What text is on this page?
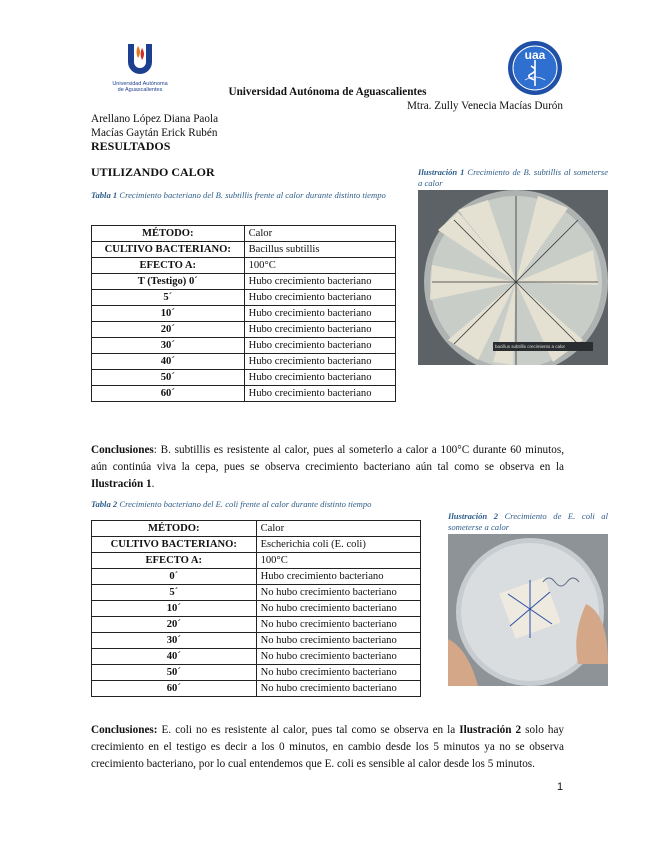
Universidad Autónoma
de Aguascalientes
uaa
Universidad Autónoma de Aguascalientes
Mtra. Zully Venecia Macías Durón
Arellano López Diana Paola
Macías Gaytán Erick Rubén
RESULTADOS
UTILIZANDO CALOR
Tabla 1 Crecimiento bacteriano del B. subtillis frente al calor durante distinto tiempo
MÉTODO:	Calor
CULTIVO BACTERIANO:	Bacillus subtillis
EFECTO A:	100°C
T (Testigo) 0´	Hubo crecimiento bacteriano
5´	Hubo crecimiento bacteriano
10´	Hubo crecimiento bacteriano
20´	Hubo crecimiento bacteriano
30´	Hubo crecimiento bacteriano
40´	Hubo crecimiento bacteriano
50´	Hubo crecimiento bacteriano
60´	Hubo crecimiento bacteriano
Ilustración 1 Crecimiento de B. subtillis al someterse a calor
bacillus subtillis crecimiento a calor
Conclusiones: B. subtillis es resistente al calor, pues al someterlo a calor a 100°C durante 60 minutos, aún continúa viva la cepa, pues se observa crecimiento bacteriano aún tal como se observa en la Ilustración 1.
Tabla 2 Crecimiento bacteriano del E. coli frente al calor durante distinto tiempo
MÉTODO:	Calor
CULTIVO BACTERIANO:	Escherichia coli (E. coli)
EFECTO A:	100°C
0´	Hubo crecimiento bacteriano
5´	No hubo crecimiento bacteriano
10´	No hubo crecimiento bacteriano
20´	No hubo crecimiento bacteriano
30´	No hubo crecimiento bacteriano
40´	No hubo crecimiento bacteriano
50´	No hubo crecimiento bacteriano
60´	No hubo crecimiento bacteriano
Ilustración 2 Crecimiento de E. coli al someterse a calor
Conclusiones: E. coli no es resistente al calor, pues tal como se observa en la Ilustración 2 solo hay crecimiento en el testigo es decir a los 0 minutos, en cambio desde los 5 minutos ya no se observa crecimiento bacteriano, por lo cual entendemos que E. coli es sensible al calor desde los 5 minutos.
1
